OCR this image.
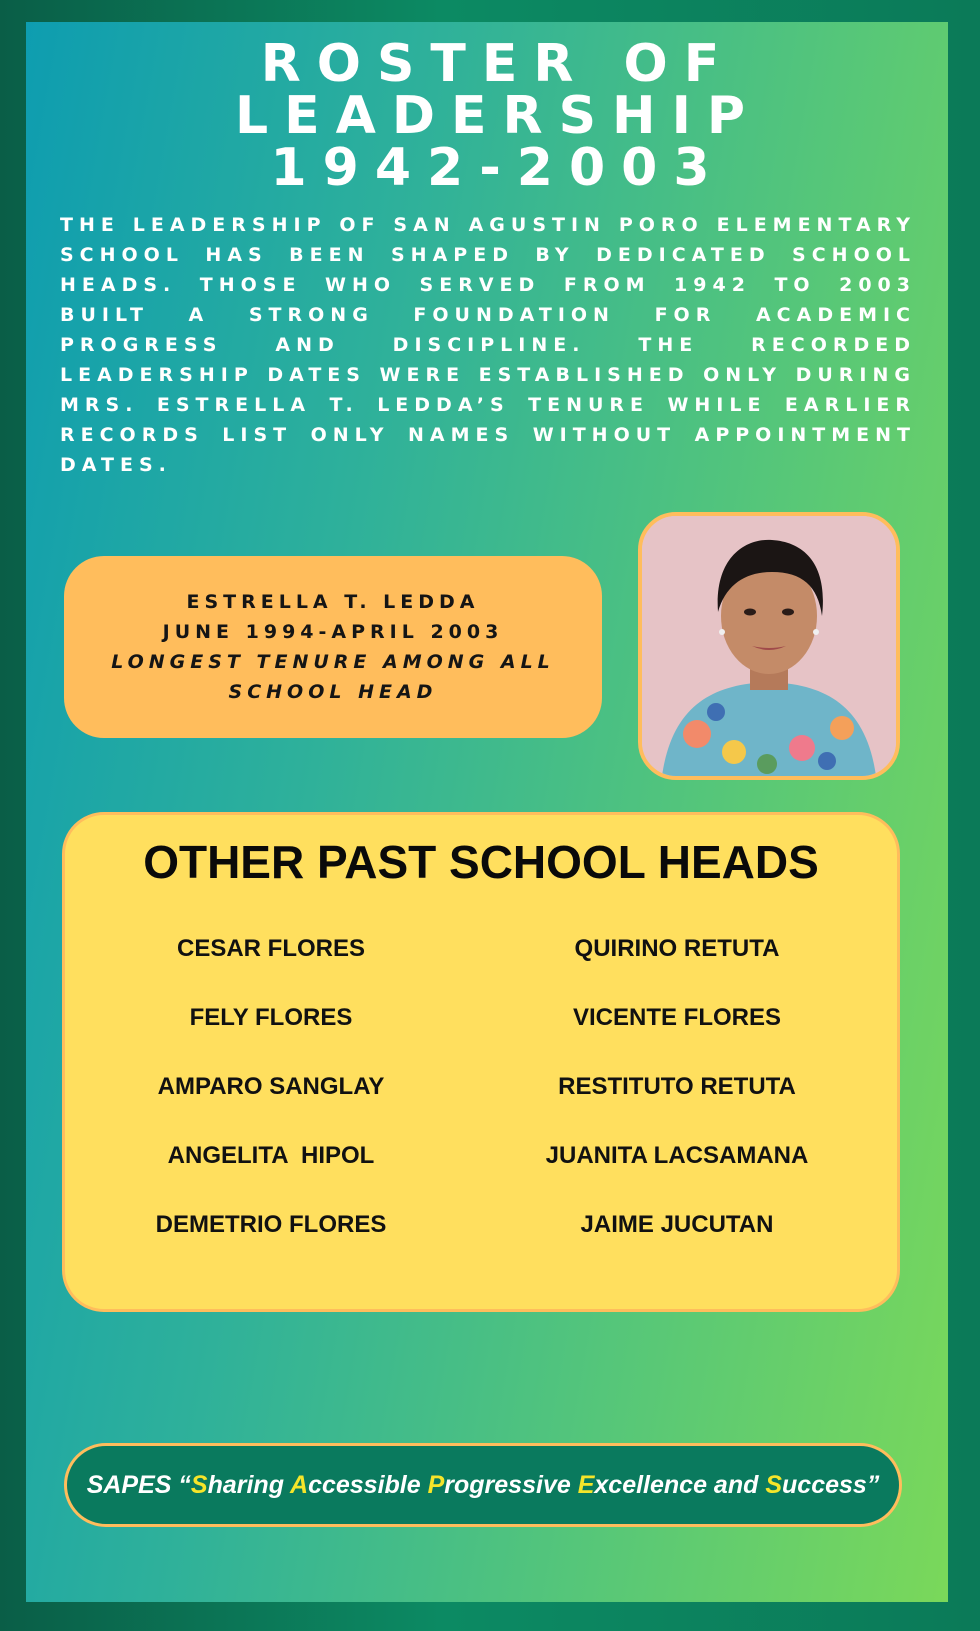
ROSTER OF
LEADERSHIP
1942-2003
THE LEADERSHIP OF SAN AGUSTIN PORO ELEMENTARY SCHOOL HAS BEEN SHAPED BY DEDICATED SCHOOL HEADS. THOSE WHO SERVED FROM 1942 TO 2003 BUILT A STRONG FOUNDATION FOR ACADEMIC PROGRESS AND DISCIPLINE. THE RECORDED LEADERSHIP DATES WERE ESTABLISHED ONLY DURING MRS. ESTRELLA T. LEDDA’S TENURE WHILE EARLIER RECORDS LIST ONLY NAMES WITHOUT APPOINTMENT DATES.
ESTRELLA T. LEDDA
JUNE 1994-APRIL 2003
LONGEST TENURE AMONG ALL SCHOOL HEAD
OTHER PAST SCHOOL HEADS
CESAR FLORES
FELY FLORES
AMPARO SANGLAY
ANGELITA  HIPOL
DEMETRIO FLORES
QUIRINO RETUTA
VICENTE FLORES
RESTITUTO RETUTA
JUANITA LACSAMANA
JAIME JUCUTAN
SAPES “Sharing Accessible Progressive Excellence and Success”
